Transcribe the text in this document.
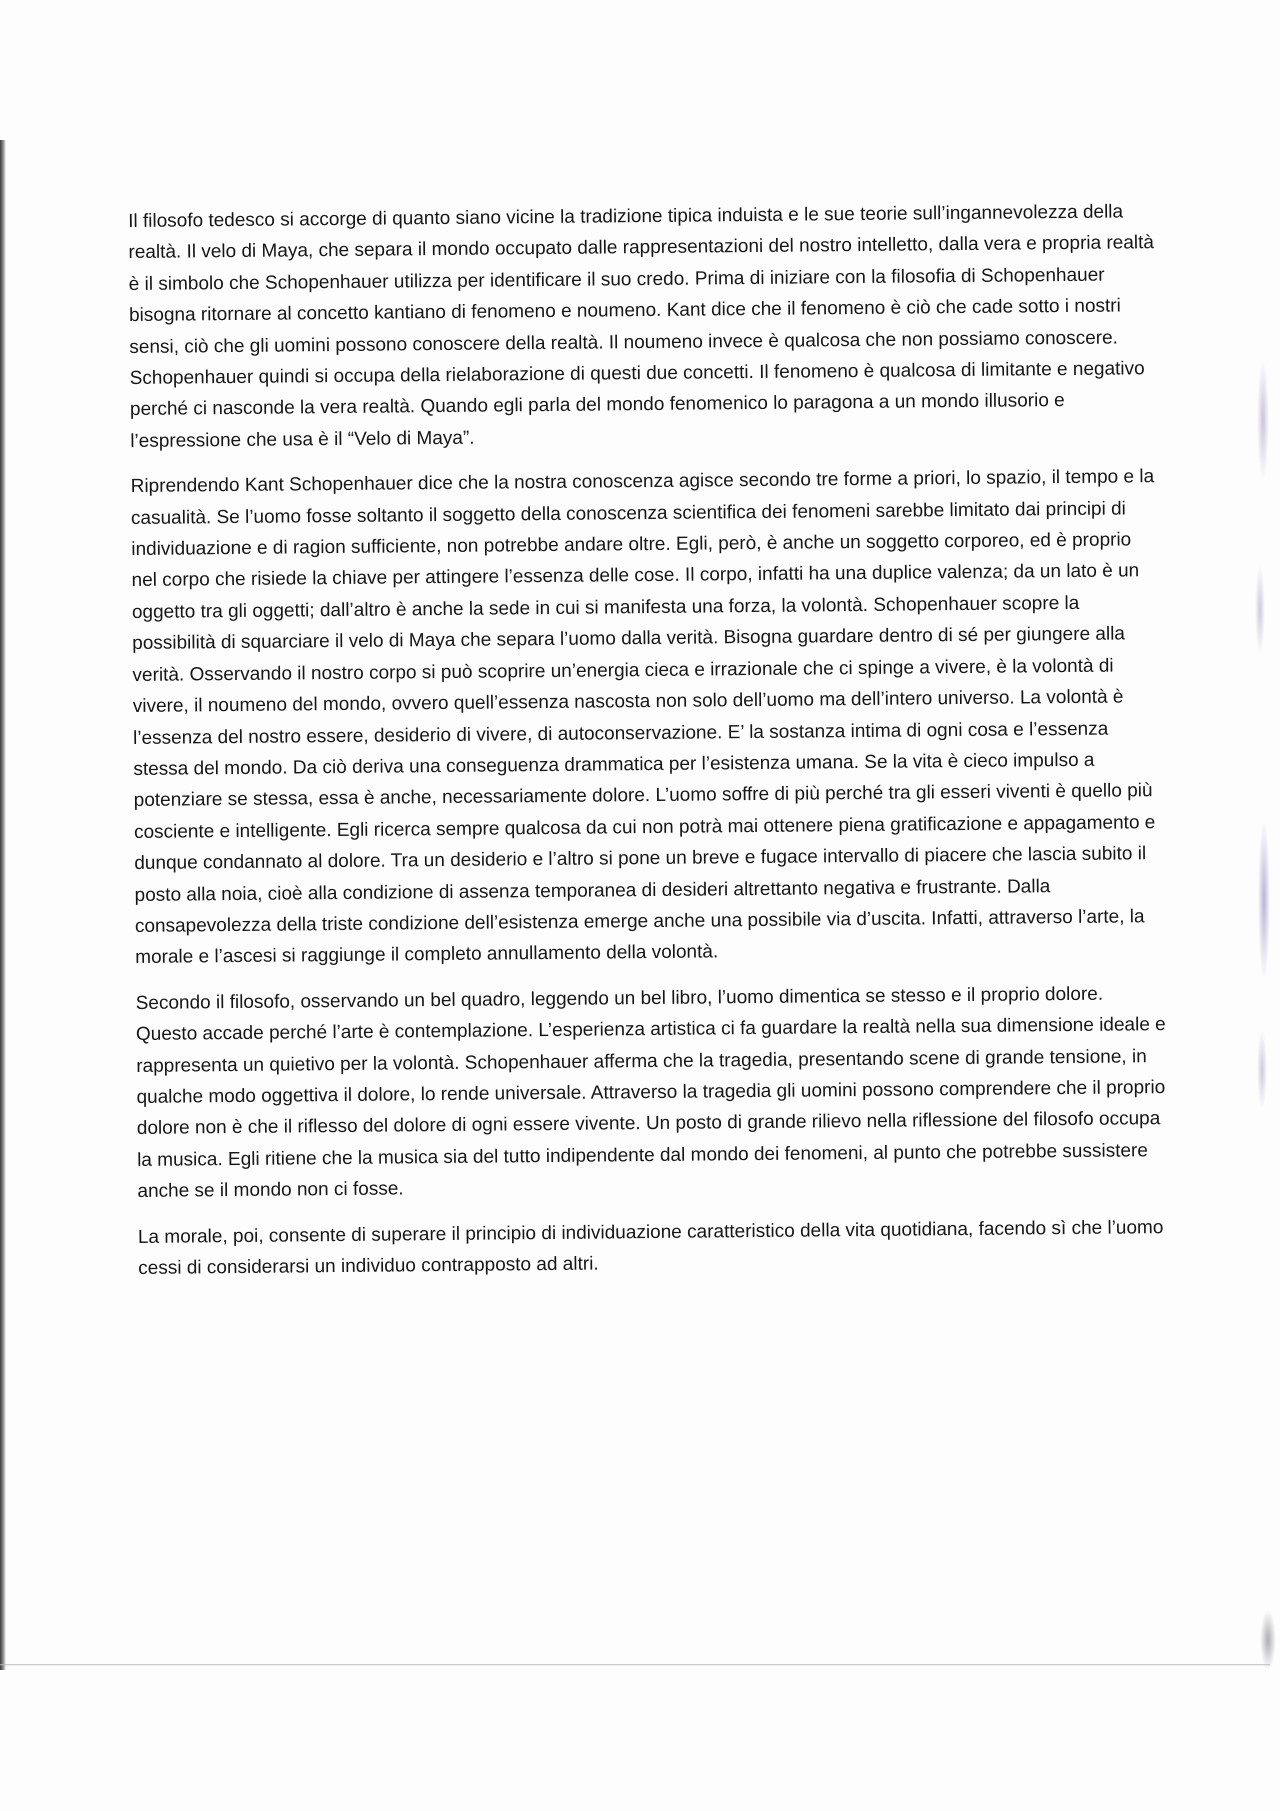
Il filosofo tedesco si accorge di quanto siano vicine la tradizione tipica induista e le sue teorie sull’ingannevolezza della realtà. Il velo di Maya, che separa il mondo occupato dalle rappresentazioni del nostro intelletto, dalla vera e propria realtà è il simbolo che Schopenhauer utilizza per identificare il suo credo. Prima di iniziare con la filosofia di Schopenhauer bisogna ritornare al concetto kantiano di fenomeno e noumeno. Kant dice che il fenomeno è ciò che cade sotto i nostri sensi, ciò che gli uomini possono conoscere della realtà. Il noumeno invece è qualcosa che non possiamo conoscere. Schopenhauer quindi si occupa della rielaborazione di questi due concetti. Il fenomeno è qualcosa di limitante e negativo perché ci nasconde la vera realtà. Quando egli parla del mondo fenomenico lo paragona a un mondo illusorio e l’espressione che usa è il “Velo di Maya”.

Riprendendo Kant Schopenhauer dice che la nostra conoscenza agisce secondo tre forme a priori, lo spazio, il tempo e la casualità. Se l’uomo fosse soltanto il soggetto della conoscenza scientifica dei fenomeni sarebbe limitato dai principi di individuazione e di ragion sufficiente, non potrebbe andare oltre. Egli, però, è anche un soggetto corporeo, ed è proprio nel corpo che risiede la chiave per attingere l’essenza delle cose. Il corpo, infatti ha una duplice valenza; da un lato è un oggetto tra gli oggetti; dall’altro è anche la sede in cui si manifesta una forza, la volontà. Schopenhauer scopre la possibilità di squarciare il velo di Maya che separa l’uomo dalla verità. Bisogna guardare dentro di sé per giungere alla verità. Osservando il nostro corpo si può scoprire un’energia cieca e irrazionale che ci spinge a vivere, è la volontà di vivere, il noumeno del mondo, ovvero quell’essenza nascosta non solo dell’uomo ma dell’intero universo. La volontà è l’essenza del nostro essere, desiderio di vivere, di autoconservazione. E’ la sostanza intima di ogni cosa e l’essenza stessa del mondo. Da ciò deriva una conseguenza drammatica per l’esistenza umana. Se la vita è cieco impulso a potenziare se stessa, essa è anche, necessariamente dolore. L’uomo soffre di più perché tra gli esseri viventi è quello più cosciente e intelligente. Egli ricerca sempre qualcosa da cui non potrà mai ottenere piena gratificazione e appagamento e dunque condannato al dolore. Tra un desiderio e l’altro si pone un breve e fugace intervallo di piacere che lascia subito il posto alla noia, cioè alla condizione di assenza temporanea di desideri altrettanto negativa e frustrante. Dalla consapevolezza della triste condizione dell’esistenza emerge anche una possibile via d’uscita. Infatti, attraverso l’arte, la morale e l’ascesi si raggiunge il completo annullamento della volontà.

Secondo il filosofo, osservando un bel quadro, leggendo un bel libro, l’uomo dimentica se stesso e il proprio dolore. Questo accade perché l’arte è contemplazione. L’esperienza artistica ci fa guardare la realtà nella sua dimensione ideale e rappresenta un quietivo per la volontà. Schopenhauer afferma che la tragedia, presentando scene di grande tensione, in qualche modo oggettiva il dolore, lo rende universale. Attraverso la tragedia gli uomini possono comprendere che il proprio dolore non è che il riflesso del dolore di ogni essere vivente. Un posto di grande rilievo nella riflessione del filosofo occupa la musica. Egli ritiene che la musica sia del tutto indipendente dal mondo dei fenomeni, al punto che potrebbe sussistere anche se il mondo non ci fosse.

La morale, poi, consente di superare il principio di individuazione caratteristico della vita quotidiana, facendo sì che l’uomo cessi di considerarsi un individuo contrapposto ad altri.
